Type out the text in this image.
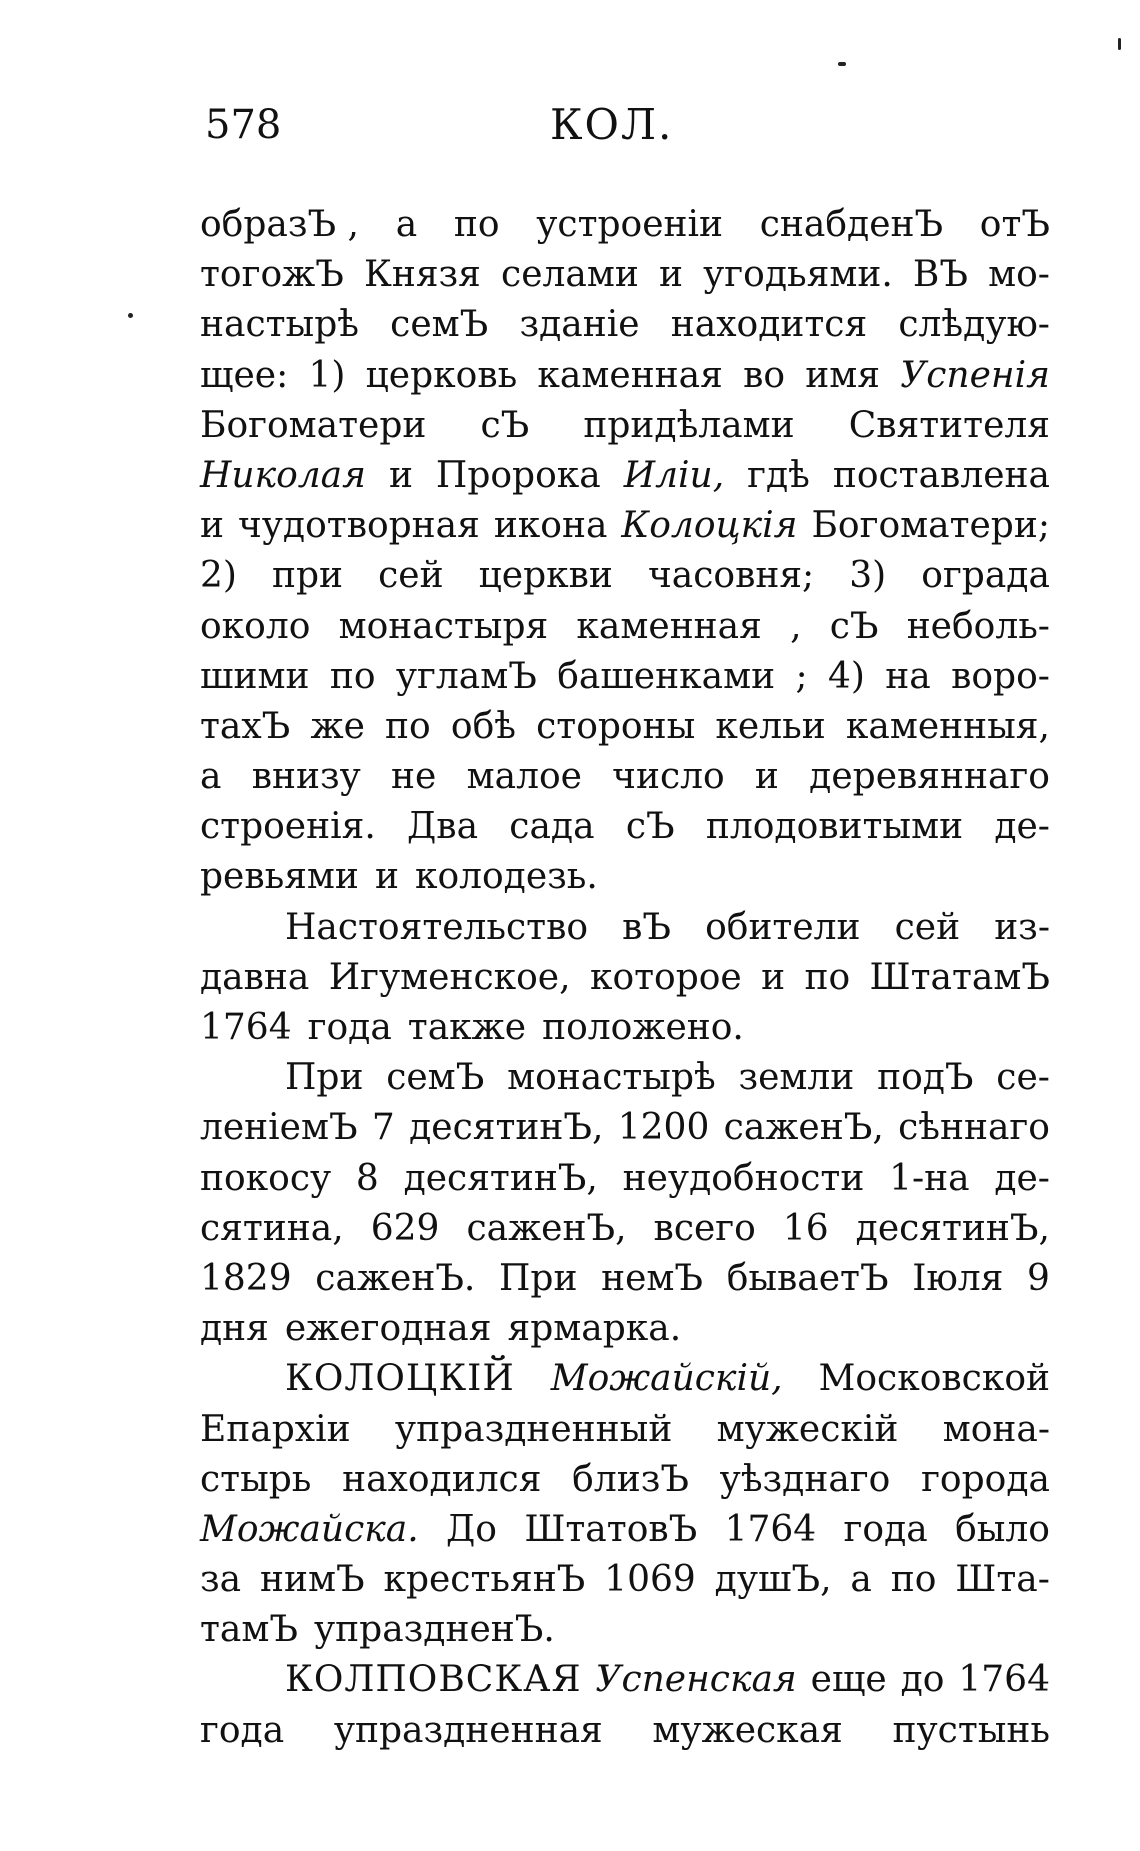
578	КОЛ.
образЪ , а по устроенiи снабденЪ отЪ
тогожЪ Князя селами и угодьями. ВЪ мо-
настырѣ семЪ зданiе находится слѣдую-
щее: 1) церковь каменная во имя Успенiя
Богоматери сЪ придѣлами Святителя
Николая и Пророка Илiи, гдѣ поставлена
и чудотворная икона Колоцкiя Богоматери;
2) при сей церкви часовня; 3) ограда
около монастыря каменная , сЪ неболь-
шими по угламЪ башенками ; 4) на воро-
тахЪ же по обѣ стороны кельи каменныя,
а внизу не малое число и деревяннаго
строенiя. Два сада сЪ плодовитыми де-
ревьями и колодезь.
Настоятельство вЪ обители сей из-
давна Игуменское, которое и по ШтатамЪ
1764 года также положено.
При семЪ монастырѣ земли подЪ се-
ленiемЪ 7 десятинЪ, 1200 саженЪ, сѣннаго
покосу 8 десятинЪ, неудобности 1-на де-
сятина, 629 саженЪ, всего 16 десятинЪ,
1829 саженЪ. При немЪ бываетЪ Iюля 9
дня ежегодная ярмарка.
КОЛОЦКIЙ Можайскiй, Московской
Епархiи упраздненный мужескiй мона-
стырь находился близЪ уѣзднаго города
Можайска. До ШтатовЪ 1764 года было
за нимЪ крестьянЪ 1069 душЪ, а по Шта-
тамЪ упраздненЪ.
КОЛПОВСКАЯ Успенская еще до 1764
года упраздненная мужеская пустынь
